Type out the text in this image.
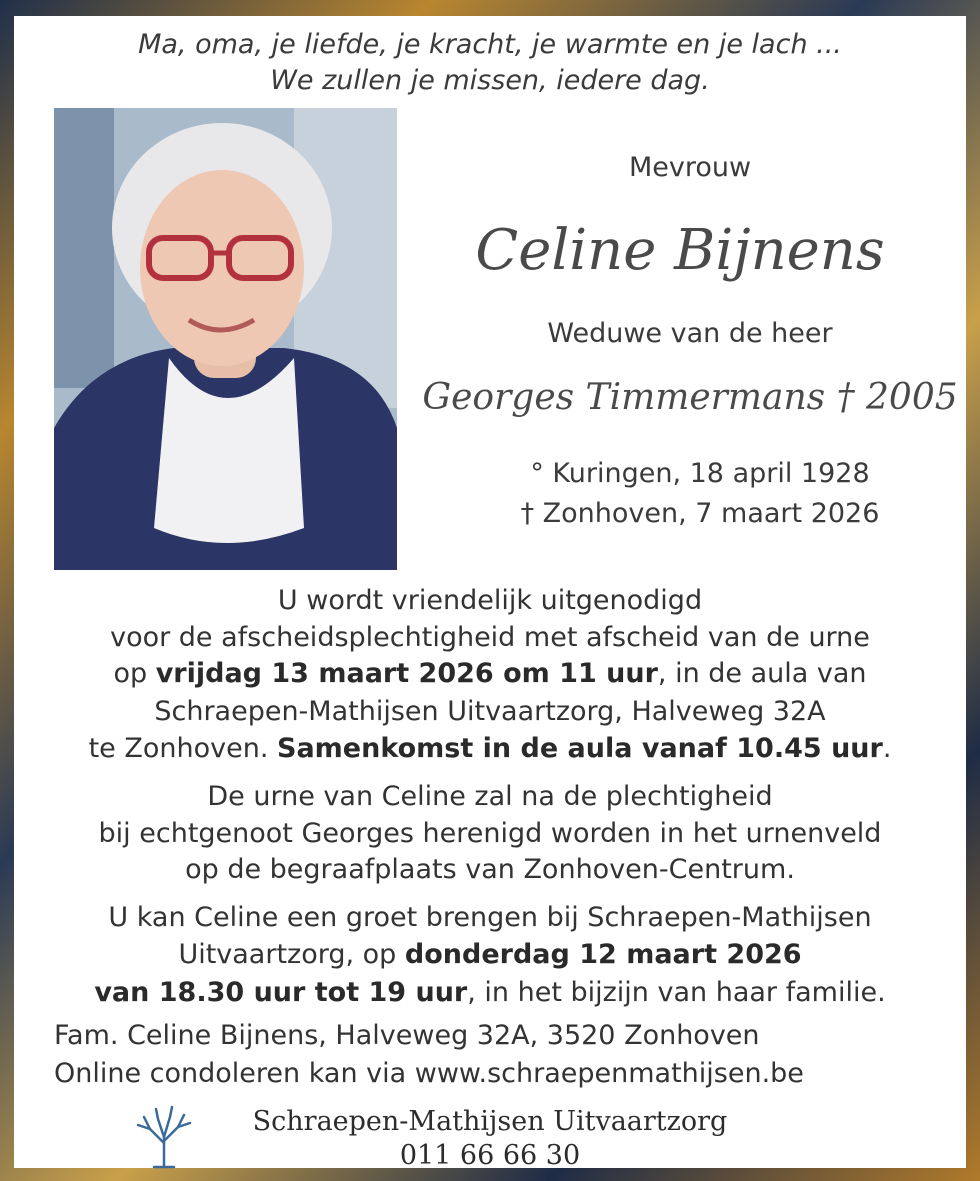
Ma, oma, je liefde, je kracht, je warmte en je lach ...
We zullen je missen, iedere dag.
Mevrouw
Celine Bijnens
Weduwe van de heer
Georges Timmermans † 2005
° Kuringen, 18 april 1928
† Zonhoven, 7 maart 2026
U wordt vriendelijk uitgenodigd
voor de afscheidsplechtigheid met afscheid van de urne
op vrijdag 13 maart 2026 om 11 uur, in de aula van
Schraepen-Mathijsen Uitvaartzorg, Halveweg 32A
te Zonhoven. Samenkomst in de aula vanaf 10.45 uur.
De urne van Celine zal na de plechtigheid
bij echtgenoot Georges herenigd worden in het urnenveld
op de begraafplaats van Zonhoven-Centrum.
U kan Celine een groet brengen bij Schraepen-Mathijsen
Uitvaartzorg, op donderdag 12 maart 2026
van 18.30 uur tot 19 uur, in het bijzijn van haar familie.
Fam. Celine Bijnens, Halveweg 32A, 3520 Zonhoven
Online condoleren kan via www.schraepenmathijsen.be
Schraepen-Mathijsen Uitvaartzorg
011 66 66 30
